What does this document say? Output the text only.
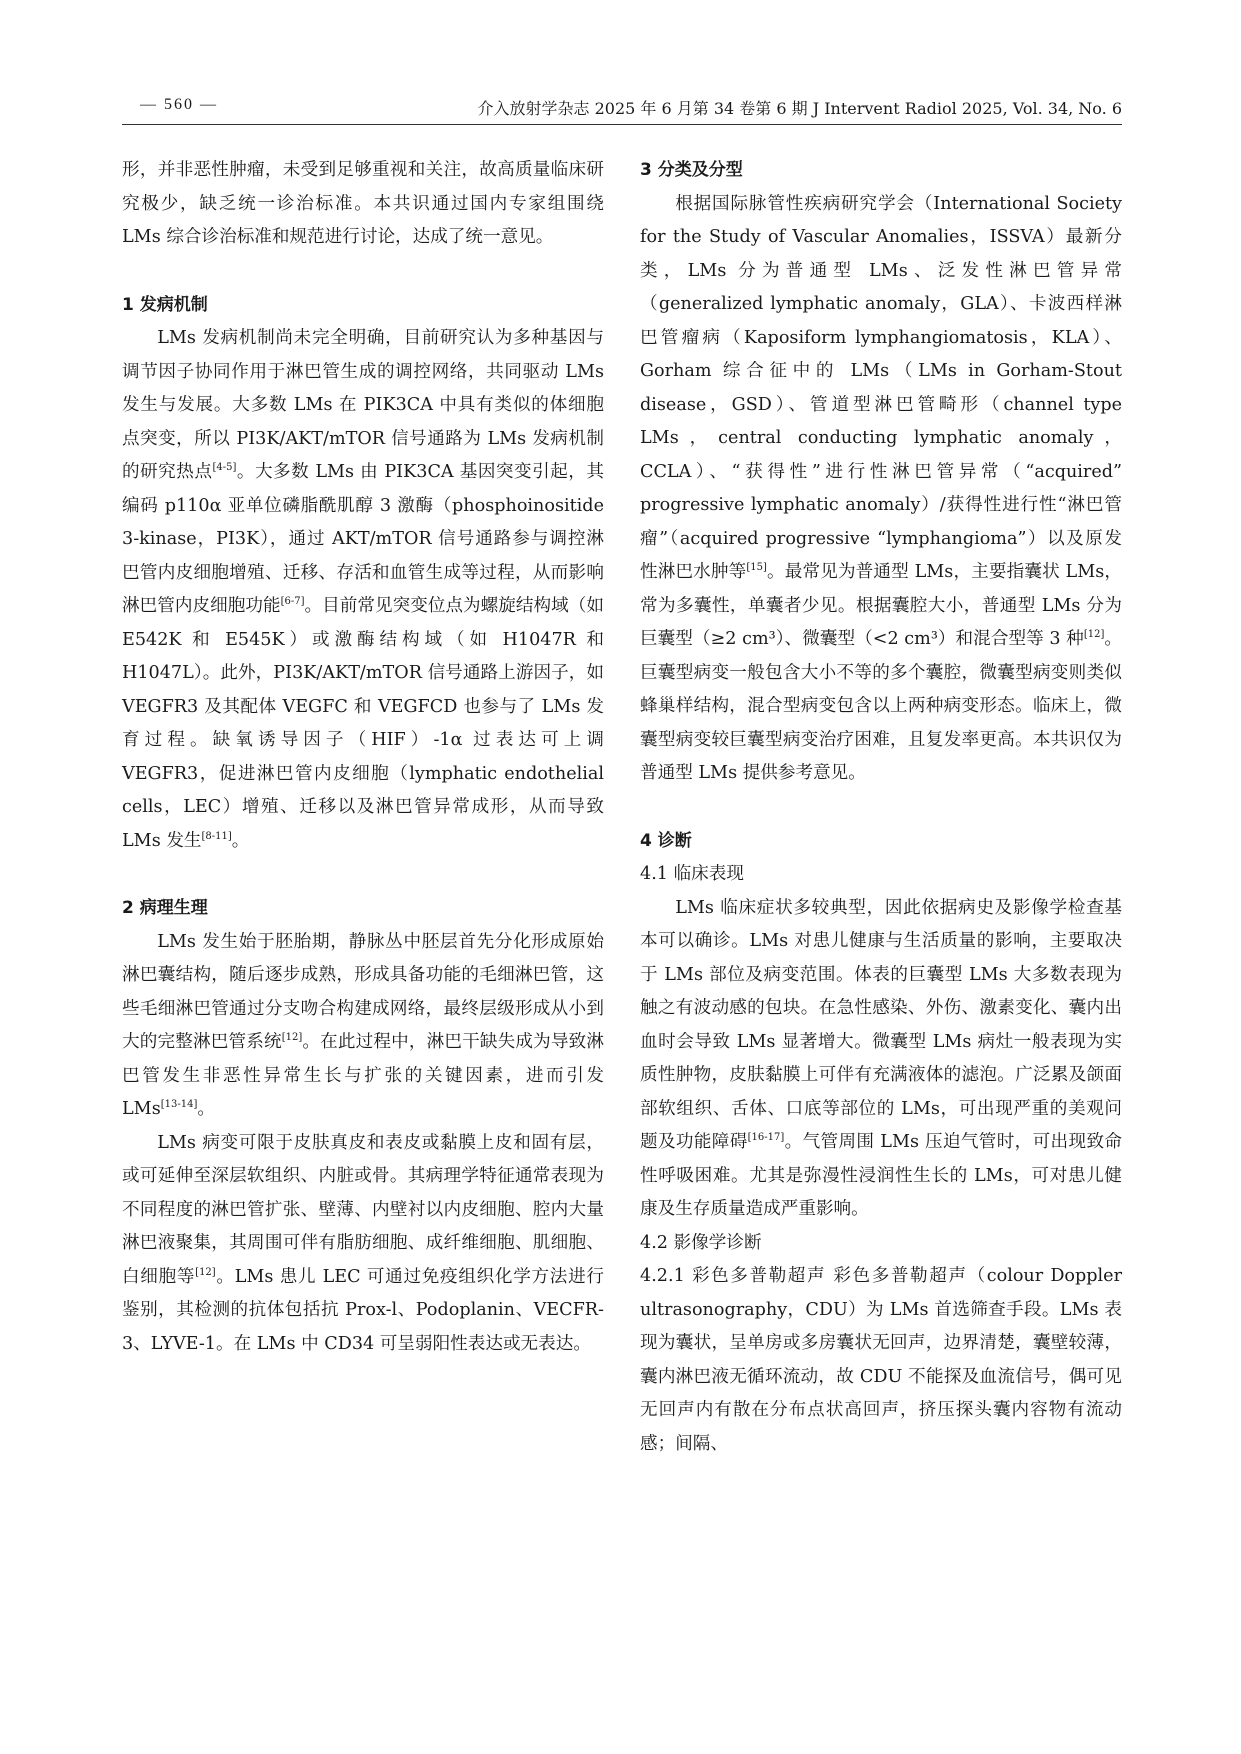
— 560 —	介入放射学杂志 2025 年 6 月第 34 卷第 6 期 J Intervent Radiol 2025, Vol. 34, No. 6

形，并非恶性肿瘤，未受到足够重视和关注，故高质量临床研究极少，缺乏统一诊治标准。本共识通过国内专家组围绕 LMs 综合诊治标准和规范进行讨论，达成了统一意见。

1 发病机制

LMs 发病机制尚未完全明确，目前研究认为多种基因与调节因子协同作用于淋巴管生成的调控网络，共同驱动 LMs 发生与发展。大多数 LMs 在 PIK3CA 中具有类似的体细胞点突变，所以 PI3K/AKT/mTOR 信号通路为 LMs 发病机制的研究热点[4-5]。大多数 LMs 由 PIK3CA 基因突变引起，其编码 p110α 亚单位磷脂酰肌醇 3 激酶（phosphoinositide 3-kinase，PI3K），通过 AKT/mTOR 信号通路参与调控淋巴管内皮细胞增殖、迁移、存活和血管生成等过程，从而影响淋巴管内皮细胞功能[6-7]。目前常见突变位点为螺旋结构域（如 E542K 和 E545K）或激酶结构域（如 H1047R 和 H1047L）。此外，PI3K/AKT/mTOR 信号通路上游因子，如 VEGFR3 及其配体 VEGFC 和 VEGFCD 也参与了 LMs 发育过程。缺氧诱导因子（HIF）-1α 过表达可上调 VEGFR3，促进淋巴管内皮细胞（lymphatic endothelial cells，LEC）增殖、迁移以及淋巴管异常成形，从而导致 LMs 发生[8-11]。

2 病理生理

LMs 发生始于胚胎期，静脉丛中胚层首先分化形成原始淋巴囊结构，随后逐步成熟，形成具备功能的毛细淋巴管，这些毛细淋巴管通过分支吻合构建成网络，最终层级形成从小到大的完整淋巴管系统[12]。在此过程中，淋巴干缺失成为导致淋巴管发生非恶性异常生长与扩张的关键因素，进而引发 LMs[13-14]。

LMs 病变可限于皮肤真皮和表皮或黏膜上皮和固有层，或可延伸至深层软组织、内脏或骨。其病理学特征通常表现为不同程度的淋巴管扩张、壁薄、内壁衬以内皮细胞、腔内大量淋巴液聚集，其周围可伴有脂肪细胞、成纤维细胞、肌细胞、白细胞等[12]。LMs 患儿 LEC 可通过免疫组织化学方法进行鉴别，其检测的抗体包括抗 Prox-l、Podoplanin、VECFR-3、LYVE-1。在 LMs 中 CD34 可呈弱阳性表达或无表达。

3 分类及分型

根据国际脉管性疾病研究学会（International Society for the Study of Vascular Anomalies，ISSVA）最新分类，LMs 分为普通型 LMs、泛发性淋巴管异常（generalized lymphatic anomaly，GLA）、卡波西样淋巴管瘤病（Kaposiform lymphangiomatosis，KLA）、Gorham 综合征中的 LMs（LMs in Gorham-Stout disease，GSD）、管道型淋巴管畸形（channel type LMs，central conducting lymphatic anomaly，CCLA）、“获得性”进行性淋巴管异常（“acquired” progressive lymphatic anomaly）/获得性进行性“淋巴管瘤”（acquired progressive “lymphangioma”）以及原发性淋巴水肿等[15]。最常见为普通型 LMs，主要指囊状 LMs，常为多囊性，单囊者少见。根据囊腔大小，普通型 LMs 分为巨囊型（≥2 cm³）、微囊型（<2 cm³）和混合型等 3 种[12]。巨囊型病变一般包含大小不等的多个囊腔，微囊型病变则类似蜂巢样结构，混合型病变包含以上两种病变形态。临床上，微囊型病变较巨囊型病变治疗困难，且复发率更高。本共识仅为普通型 LMs 提供参考意见。

4 诊断

4.1 临床表现

LMs 临床症状多较典型，因此依据病史及影像学检查基本可以确诊。LMs 对患儿健康与生活质量的影响，主要取决于 LMs 部位及病变范围。体表的巨囊型 LMs 大多数表现为触之有波动感的包块。在急性感染、外伤、激素变化、囊内出血时会导致 LMs 显著增大。微囊型 LMs 病灶一般表现为实质性肿物，皮肤黏膜上可伴有充满液体的滤泡。广泛累及颌面部软组织、舌体、口底等部位的 LMs，可出现严重的美观问题及功能障碍[16-17]。气管周围 LMs 压迫气管时，可出现致命性呼吸困难。尤其是弥漫性浸润性生长的 LMs，可对患儿健康及生存质量造成严重影响。

4.2 影像学诊断

4.2.1 彩色多普勒超声 彩色多普勒超声（colour Doppler ultrasonography，CDU）为 LMs 首选筛查手段。LMs 表现为囊状，呈单房或多房囊状无回声，边界清楚，囊壁较薄，囊内淋巴液无循环流动，故 CDU 不能探及血流信号，偶可见无回声内有散在分布点状高回声，挤压探头囊内容物有流动感；间隔、
